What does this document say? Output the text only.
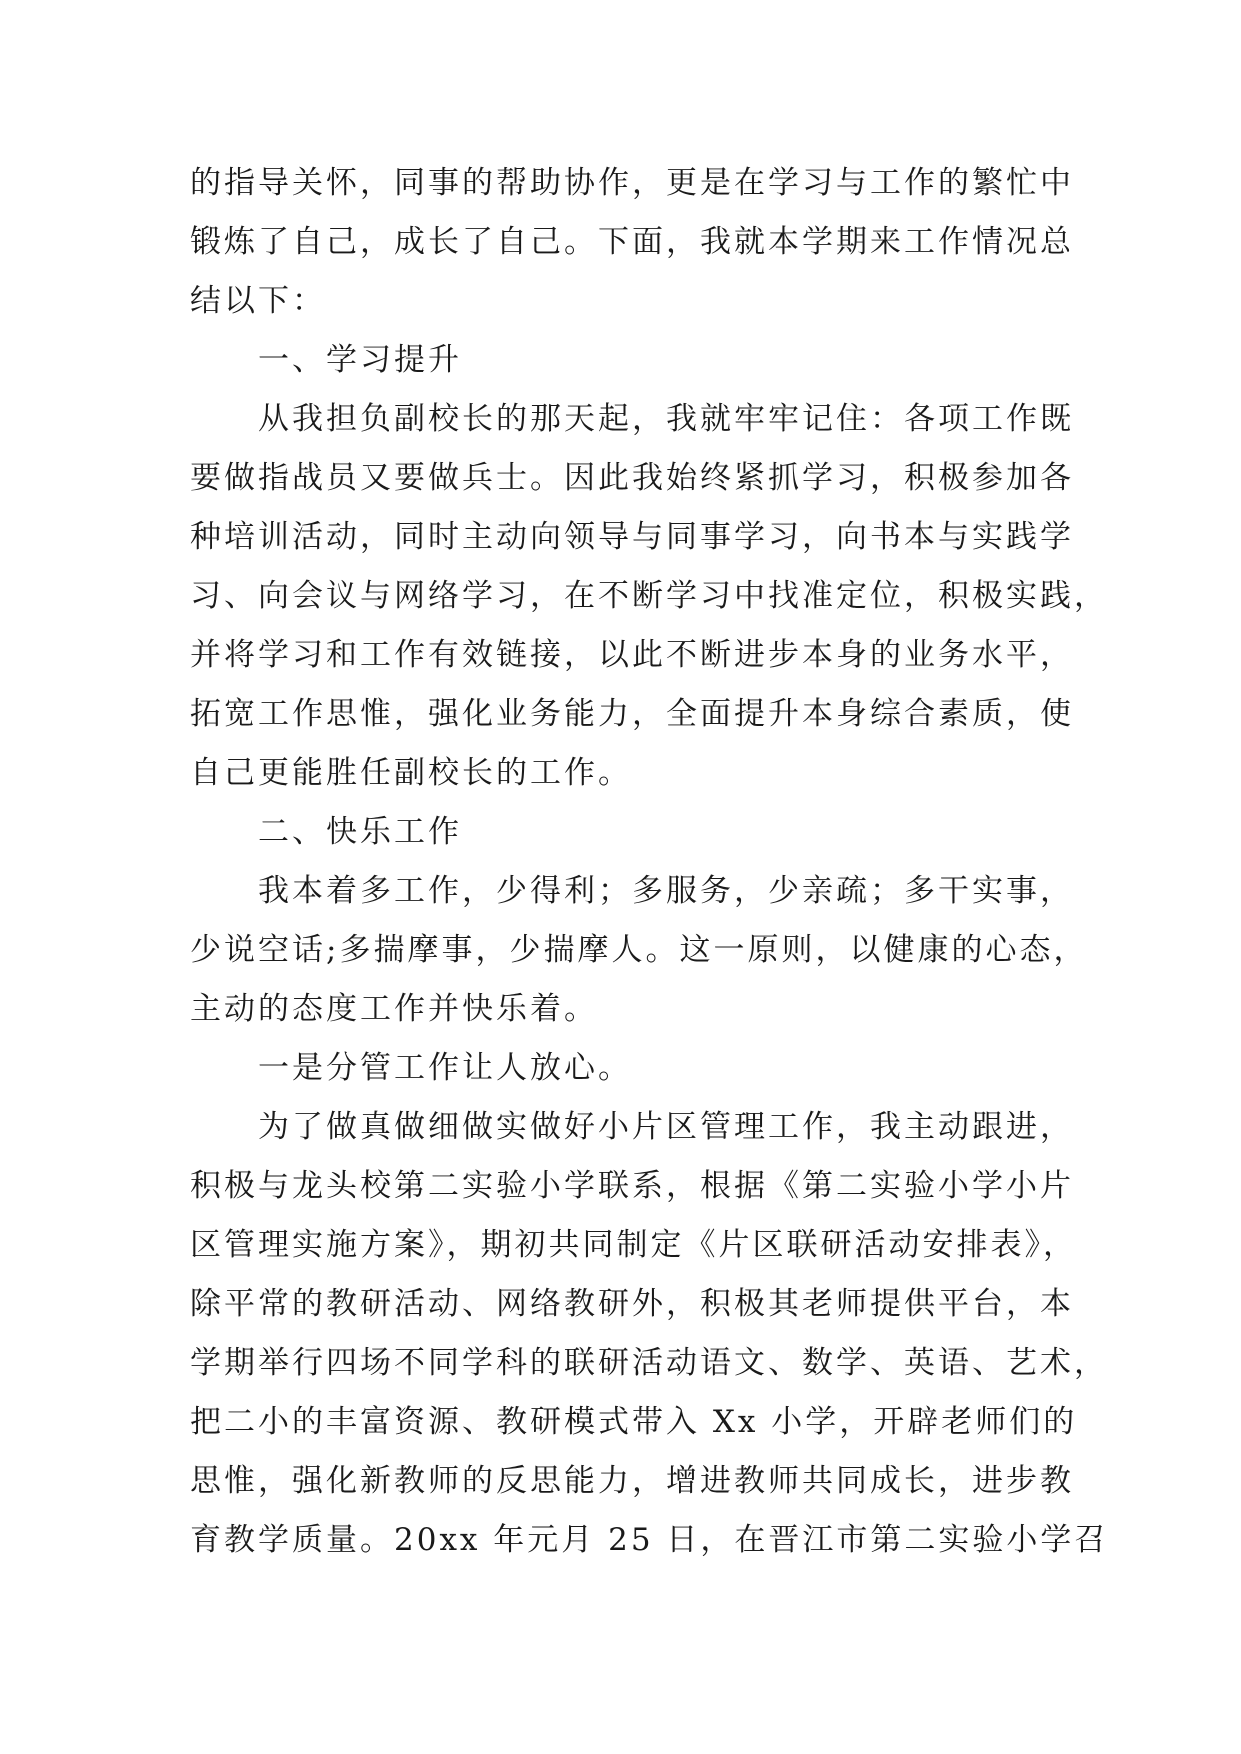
的指导关怀，同事的帮助协作，更是在学习与工作的繁忙中
锻炼了自己，成长了自己。下面，我就本学期来工作情况总
结以下：
一、学习提升
从我担负副校长的那天起，我就牢牢记住：各项工作既
要做指战员又要做兵士。因此我始终紧抓学习，积极参加各
种培训活动，同时主动向领导与同事学习，向书本与实践学
习、向会议与网络学习，在不断学习中找准定位，积极实践，
并将学习和工作有效链接，以此不断进步本身的业务水平，
拓宽工作思惟，强化业务能力，全面提升本身综合素质，使
自己更能胜任副校长的工作。
二、快乐工作
我本着多工作，少得利；多服务，少亲疏；多干实事，
少说空话;多揣摩事，少揣摩人。这一原则，以健康的心态，
主动的态度工作并快乐着。
一是分管工作让人放心。
为了做真做细做实做好小片区管理工作，我主动跟进，
积极与龙头校第二实验小学联系，根据《第二实验小学小片
区管理实施方案》，期初共同制定《片区联研活动安排表》，
除平常的教研活动、网络教研外，积极其老师提供平台，本
学期举行四场不同学科的联研活动语文、数学、英语、艺术，
把二小的丰富资源、教研模式带入 Xx 小学，开辟老师们的
思惟，强化新教师的反思能力，增进教师共同成长，进步教
育教学质量。20xx 年元月 25 日，在晋江市第二实验小学召
